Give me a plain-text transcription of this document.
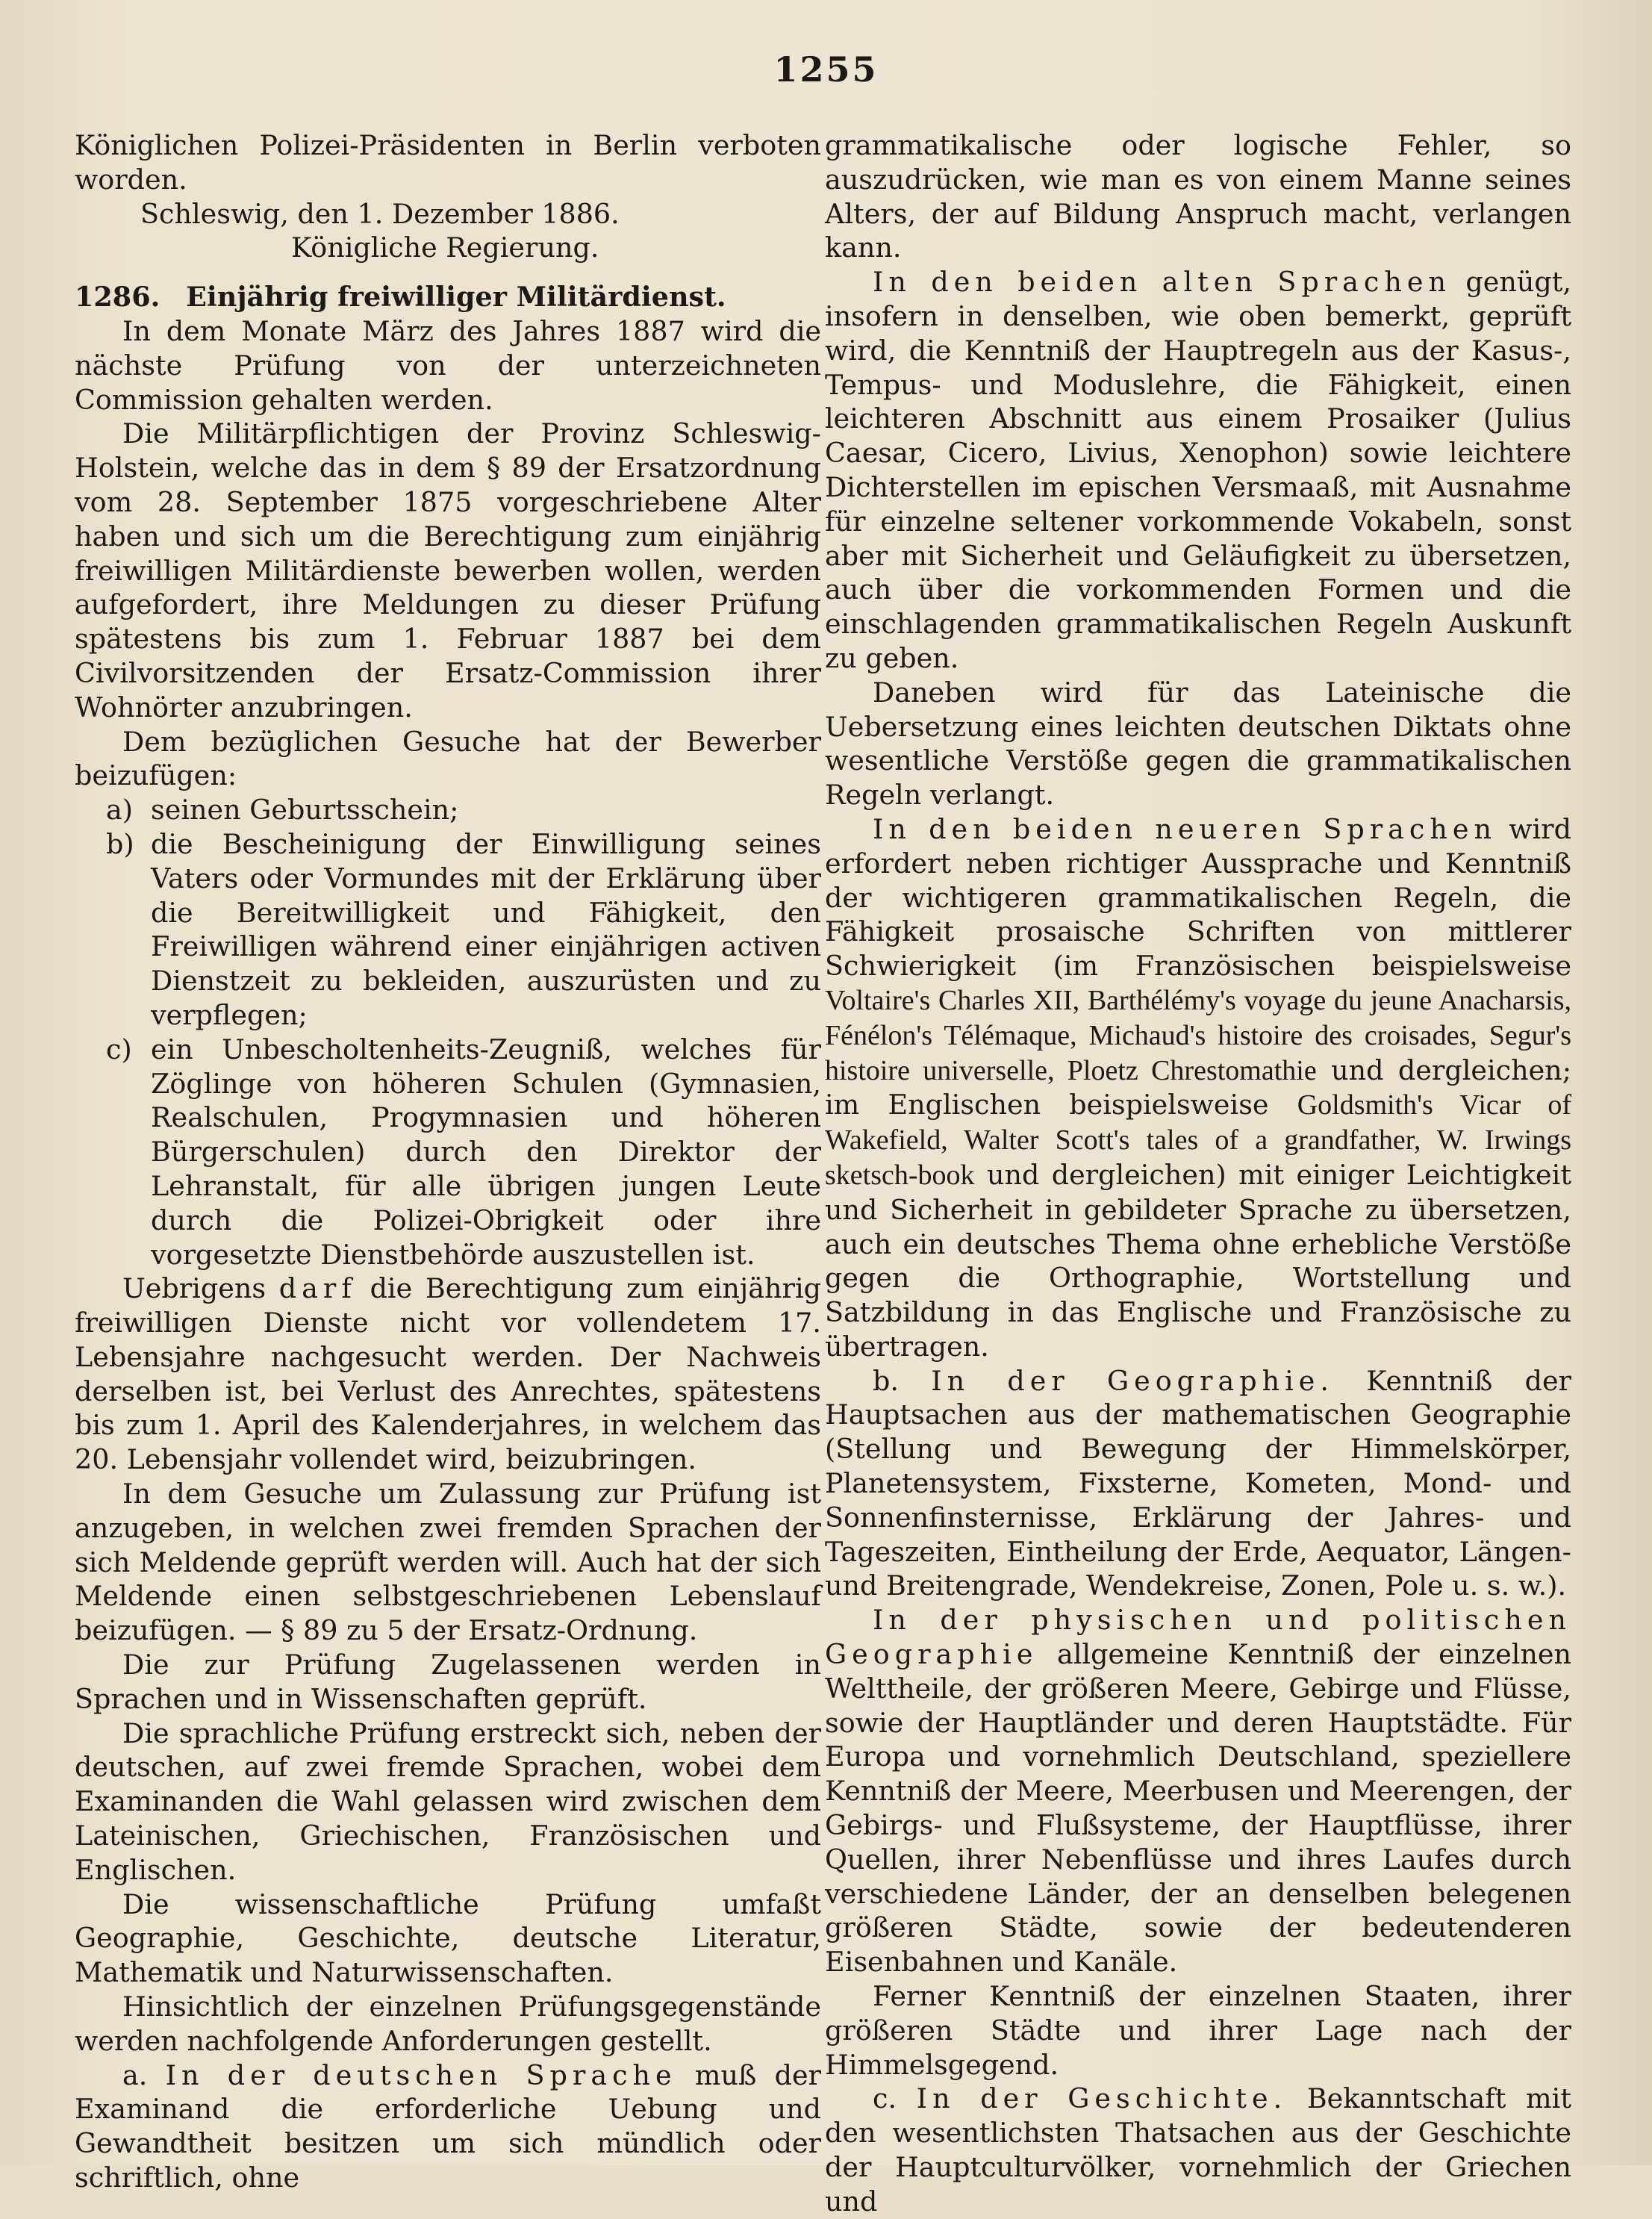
1255

Königlichen Polizei-Präsidenten in Berlin verboten worden.

Schleswig, den 1. Dezember 1886.

Königliche Regierung.

1286. Einjährig freiwilliger Militärdienst.

In dem Monate März des Jahres 1887 wird die nächste Prüfung von der unterzeichneten Commission gehalten werden.

Die Militärpflichtigen der Provinz Schleswig-Holstein, welche das in dem § 89 der Ersatzordnung vom 28. September 1875 vorgeschriebene Alter haben und sich um die Berechtigung zum einjährig freiwilligen Militärdienste bewerben wollen, werden aufgefordert, ihre Meldungen zu dieser Prüfung spätestens bis zum 1. Februar 1887 bei dem Civilvorsitzenden der Ersatz-Commission ihrer Wohnörter anzubringen.

Dem bezüglichen Gesuche hat der Bewerber beizufügen:

a) seinen Geburtsschein;
b) die Bescheinigung der Einwilligung seines Vaters oder Vormundes mit der Erklärung über die Bereitwilligkeit und Fähigkeit, den Freiwilligen während einer einjährigen activen Dienstzeit zu bekleiden, auszurüsten und zu verpflegen;
c) ein Unbescholtenheits-Zeugniß, welches für Zöglinge von höheren Schulen (Gymnasien, Realschulen, Progymnasien und höheren Bürgerschulen) durch den Direktor der Lehranstalt, für alle übrigen jungen Leute durch die Polizei-Obrigkeit oder ihre vorgesetzte Dienstbehörde auszustellen ist.

Uebrigens darf die Berechtigung zum einjährig freiwilligen Dienste nicht vor vollendetem 17. Lebensjahre nachgesucht werden. Der Nachweis derselben ist, bei Verlust des Anrechtes, spätestens bis zum 1. April des Kalenderjahres, in welchem das 20. Lebensjahr vollendet wird, beizubringen.

In dem Gesuche um Zulassung zur Prüfung ist anzugeben, in welchen zwei fremden Sprachen der sich Meldende geprüft werden will. Auch hat der sich Meldende einen selbstgeschriebenen Lebenslauf beizufügen. — § 89 zu 5 der Ersatz-Ordnung.

Die zur Prüfung Zugelassenen werden in Sprachen und in Wissenschaften geprüft.

Die sprachliche Prüfung erstreckt sich, neben der deutschen, auf zwei fremde Sprachen, wobei dem Examinanden die Wahl gelassen wird zwischen dem Lateinischen, Griechischen, Französischen und Englischen.

Die wissenschaftliche Prüfung umfaßt Geographie, Geschichte, deutsche Literatur, Mathematik und Naturwissenschaften.

Hinsichtlich der einzelnen Prüfungsgegenstände werden nachfolgende Anforderungen gestellt.

a. In der deutschen Sprache muß der Examinand die erforderliche Uebung und Gewandtheit besitzen um sich mündlich oder schriftlich, ohne

grammatikalische oder logische Fehler, so auszudrücken, wie man es von einem Manne seines Alters, der auf Bildung Anspruch macht, verlangen kann.

In den beiden alten Sprachen genügt, insofern in denselben, wie oben bemerkt, geprüft wird, die Kenntniß der Hauptregeln aus der Kasus-, Tempus- und Moduslehre, die Fähigkeit, einen leichteren Abschnitt aus einem Prosaiker (Julius Caesar, Cicero, Livius, Xenophon) sowie leichtere Dichterstellen im epischen Versmaaß, mit Ausnahme für einzelne seltener vorkommende Vokabeln, sonst aber mit Sicherheit und Geläufigkeit zu übersetzen, auch über die vorkommenden Formen und die einschlagenden grammatikalischen Regeln Auskunft zu geben.

Daneben wird für das Lateinische die Uebersetzung eines leichten deutschen Diktats ohne wesentliche Verstöße gegen die grammatikalischen Regeln verlangt.

In den beiden neueren Sprachen wird erfordert neben richtiger Aussprache und Kenntniß der wichtigeren grammatikalischen Regeln, die Fähigkeit prosaische Schriften von mittlerer Schwierigkeit (im Französischen beispielsweise Voltaire's Charles XII, Barthélémy's voyage du jeune Anacharsis, Fénélon's Télémaque, Michaud's histoire des croisades, Segur's histoire universelle, Ploetz Chrestomathie und dergleichen; im Englischen beispielsweise Goldsmith's Vicar of Wakefield, Walter Scott's tales of a grandfather, W. Irwings sketsch-book und dergleichen) mit einiger Leichtigkeit und Sicherheit in gebildeter Sprache zu übersetzen, auch ein deutsches Thema ohne erhebliche Verstöße gegen die Orthographie, Wortstellung und Satzbildung in das Englische und Französische zu übertragen.

b. In der Geographie. Kenntniß der Hauptsachen aus der mathematischen Geographie (Stellung und Bewegung der Himmelskörper, Planetensystem, Fixsterne, Kometen, Mond- und Sonnenfinsternisse, Erklärung der Jahres- und Tageszeiten, Eintheilung der Erde, Aequator, Längen- und Breitengrade, Wendekreise, Zonen, Pole u. s. w.).

In der physischen und politischen Geographie allgemeine Kenntniß der einzelnen Welttheile, der größeren Meere, Gebirge und Flüsse, sowie der Hauptländer und deren Hauptstädte. Für Europa und vornehmlich Deutschland, speziellere Kenntniß der Meere, Meerbusen und Meerengen, der Gebirgs- und Flußsysteme, der Hauptflüsse, ihrer Quellen, ihrer Nebenflüsse und ihres Laufes durch verschiedene Länder, der an denselben belegenen größeren Städte, sowie der bedeutenderen Eisenbahnen und Kanäle.

Ferner Kenntniß der einzelnen Staaten, ihrer größeren Städte und ihrer Lage nach der Himmelsgegend.

c. In der Geschichte. Bekanntschaft mit den wesentlichsten Thatsachen aus der Geschichte der Hauptculturvölker, vornehmlich der Griechen und
